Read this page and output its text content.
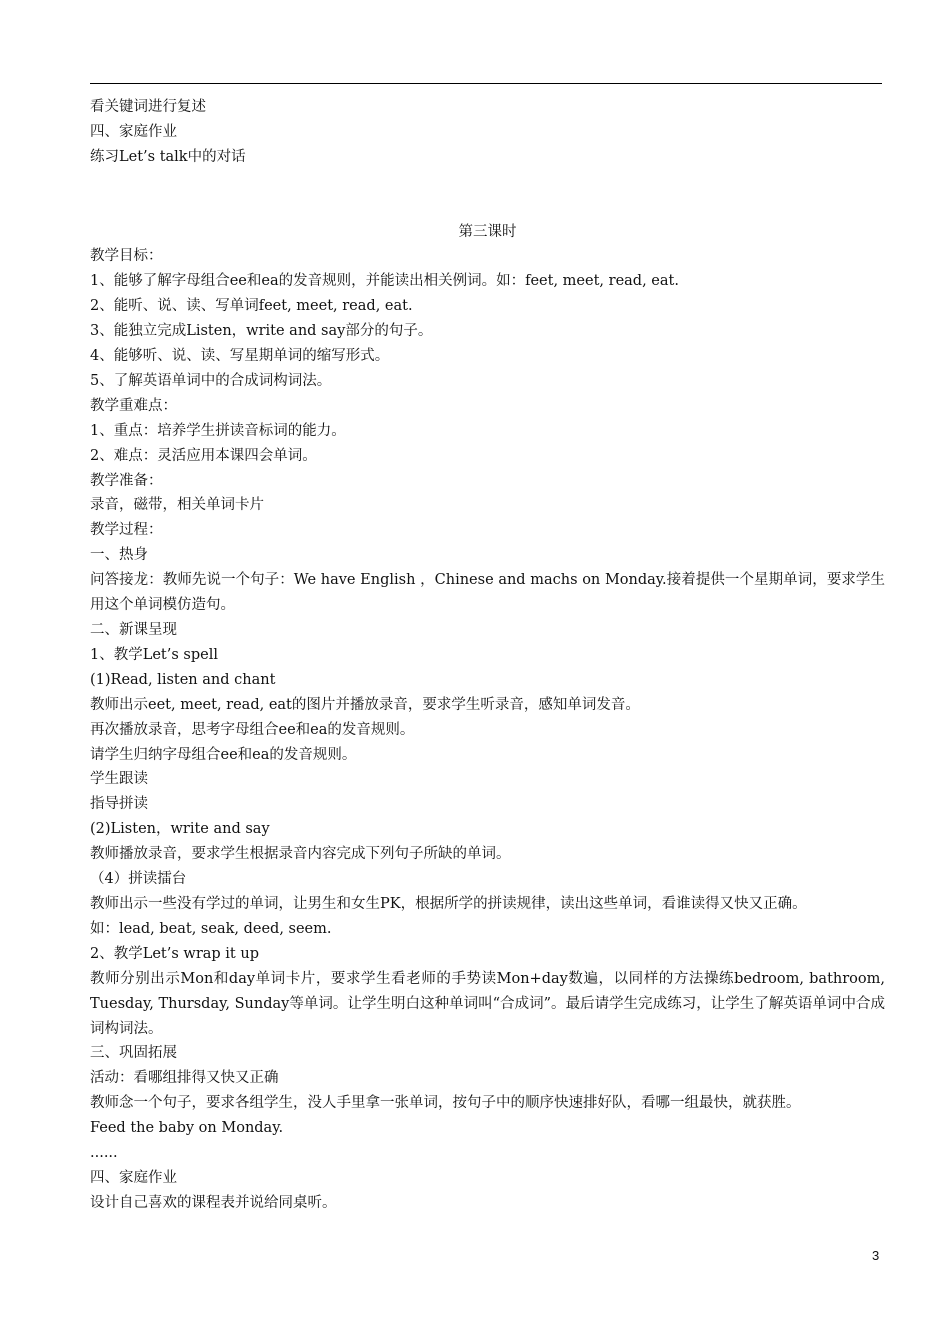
看关键词进行复述
四、家庭作业
练习Let’s talk中的对话
第三课时
教学目标：
1、能够了解字母组合ee和ea的发音规则，并能读出相关例词。如：feet, meet, read, eat.
2、能听、说、读、写单词feet, meet, read, eat.
3、能独立完成Listen，write and say部分的句子。
4、能够听、说、读、写星期单词的缩写形式。
5、了解英语单词中的合成词构词法。
教学重难点：
1、重点：培养学生拼读音标词的能力。
2、难点：灵活应用本课四会单词。
教学准备：
录音，磁带，相关单词卡片
教学过程：
一、热身
问答接龙：教师先说一个句子：We have English ，Chinese and machs on Monday.接着提供一个星期单词，要求学生用这个单词模仿造句。
二、新课呈现
1、教学Let’s spell
(1)Read, listen and chant
教师出示eet, meet, read, eat的图片并播放录音，要求学生听录音，感知单词发音。
再次播放录音，思考字母组合ee和ea的发音规则。
请学生归纳字母组合ee和ea的发音规则。
学生跟读
指导拼读
(2)Listen，write and say
教师播放录音，要求学生根据录音内容完成下列句子所缺的单词。
（4）拼读擂台
教师出示一些没有学过的单词，让男生和女生PK，根据所学的拼读规律，读出这些单词，看谁读得又快又正确。
如：lead, beat, seak, deed, seem.
2、教学Let’s wrap it up
教师分别出示Mon和day单词卡片，要求学生看老师的手势读Mon+day数遍，以同样的方法操练bedroom, bathroom, Tuesday, Thursday, Sunday等单词。让学生明白这种单词叫“合成词”。最后请学生完成练习，让学生了解英语单词中合成词构词法。
三、巩固拓展
活动：看哪组排得又快又正确
教师念一个句子，要求各组学生，没人手里拿一张单词，按句子中的顺序快速排好队，看哪一组最快，就获胜。
Feed the baby on Monday.
......
四、家庭作业
设计自己喜欢的课程表并说给同桌听。
3
